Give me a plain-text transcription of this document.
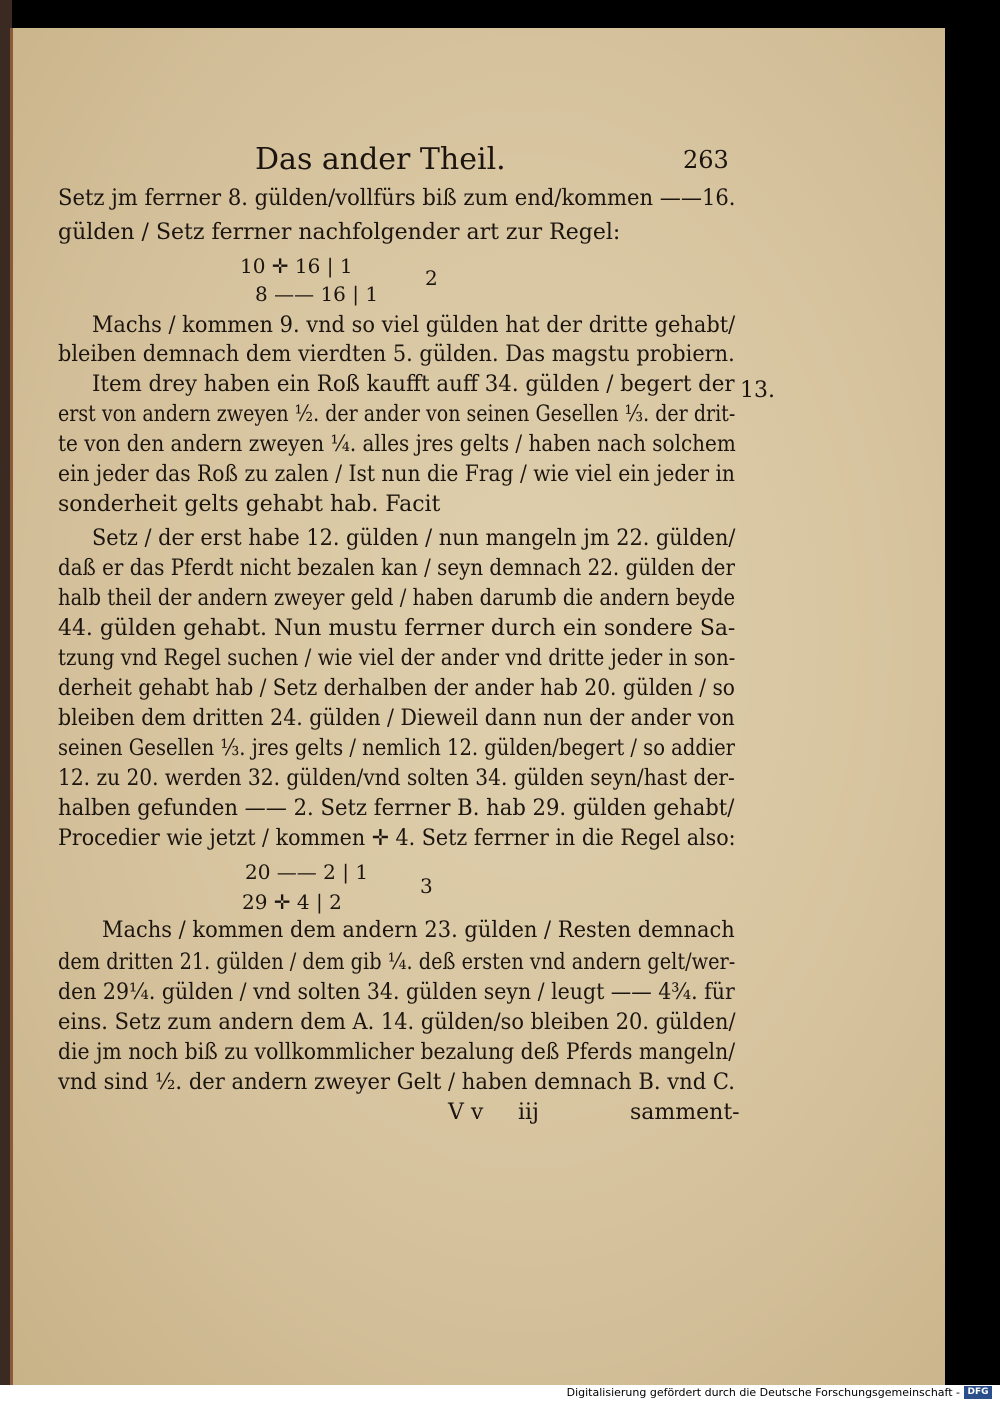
Das ander Theil.	263
13.
Setz jm ferrner 8. gülden/vollfürs biß zum end/kommen ——16.
gülden / Setz ferrner nachfolgender art zur Regel:
10 ✛ 16 | 1
8 —— 16 | 1
2
Machs / kommen 9. vnd so viel gülden hat der dritte gehabt/
bleiben demnach dem vierdten 5. gülden. Das magstu probiern.
Item drey haben ein Roß kaufft auff 34. gülden / begert der
erst von andern zweyen ½. der ander von seinen Gesellen ⅓. der drit-
te von den andern zweyen ¼. alles jres gelts / haben nach solchem
ein jeder das Roß zu zalen / Ist nun die Frag / wie viel ein jeder in
sonderheit gelts gehabt hab. Facit
Setz / der erst habe 12. gülden / nun mangeln jm 22. gülden/
daß er das Pferdt nicht bezalen kan / seyn demnach 22. gülden der
halb theil der andern zweyer geld / haben darumb die andern beyde
44. gülden gehabt. Nun mustu ferrner durch ein sondere Sa-
tzung vnd Regel suchen / wie viel der ander vnd dritte jeder in son-
derheit gehabt hab / Setz derhalben der ander hab 20. gülden / so
bleiben dem dritten 24. gülden / Dieweil dann nun der ander von
seinen Gesellen ⅓. jres gelts / nemlich 12. gülden/begert / so addier
12. zu 20. werden 32. gülden/vnd solten 34. gülden seyn/hast der-
halben gefunden —— 2. Setz ferrner B. hab 29. gülden gehabt/
Procedier wie jetzt / kommen ✛ 4. Setz ferrner in die Regel also:
20 —— 2 | 1
29 ✛ 4 | 2
3
Machs / kommen dem andern 23. gülden / Resten demnach
dem dritten 21. gülden / dem gib ¼. deß ersten vnd andern gelt/wer-
den 29¼. gülden / vnd solten 34. gülden seyn / leugt —— 4¾. für
eins. Setz zum andern dem A. 14. gülden/so bleiben 20. gülden/
die jm noch biß zu vollkommlicher bezalung deß Pferds mangeln/
vnd sind ½. der andern zweyer Gelt / haben demnach B. vnd C.
V v iij	samment-
Digitalisierung gefördert durch die Deutsche Forschungsgemeinschaft - DFG
